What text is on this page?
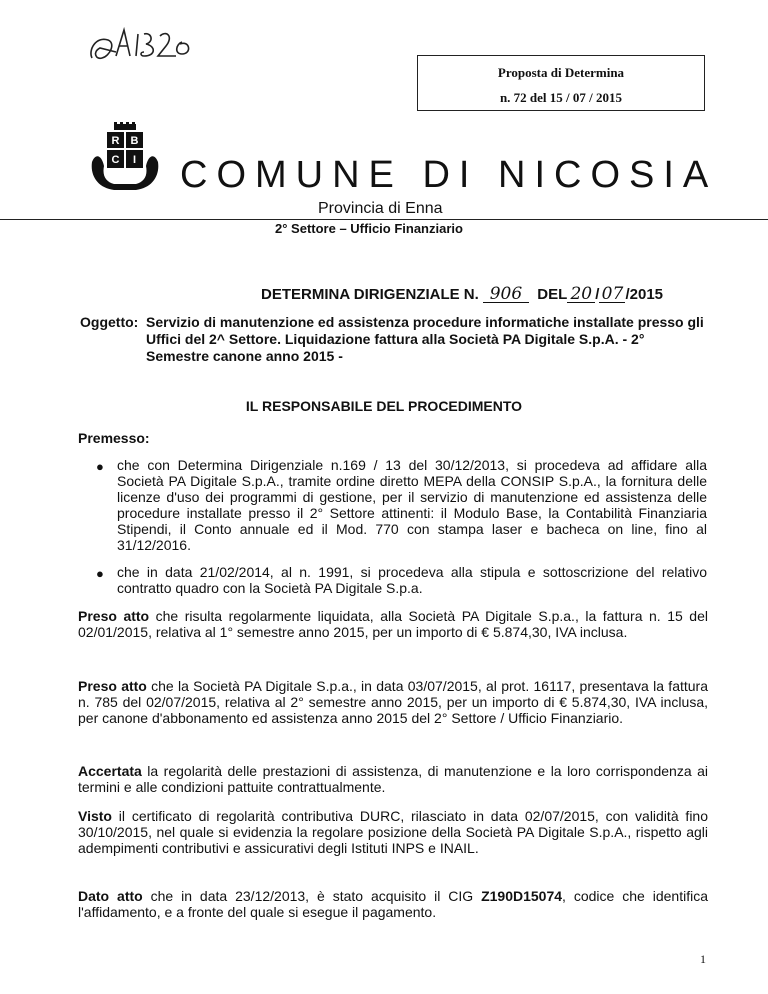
Proposta di Determina
n. 72 del 15 / 07 / 2015
R B
C I COMUNE DI NICOSIA
Provincia di Enna
2° Settore – Ufficio Finanziario
DETERMINA DIRIGENZIALE N. 906 DEL 20 / 07 /2015
Oggetto: Servizio di manutenzione ed assistenza procedure informatiche installate presso gli Uffici del 2^ Settore. Liquidazione fattura alla Società PA Digitale S.p.A. - 2° Semestre canone anno 2015 -
IL RESPONSABILE DEL PROCEDIMENTO
Premesso:
● che con Determina Dirigenziale n.169 / 13 del 30/12/2013, si procedeva ad affidare alla Società PA Digitale S.p.A., tramite ordine diretto MEPA della CONSIP S.p.A., la fornitura delle licenze d'uso dei programmi di gestione, per il servizio di manutenzione ed assistenza delle procedure installate presso il 2° Settore attinenti: il Modulo Base, la Contabilità Finanziaria Stipendi, il Conto annuale ed il Mod. 770 con stampa laser e bacheca on line, fino al 31/12/2016.
● che in data 21/02/2014, al n. 1991, si procedeva alla stipula e sottoscrizione del relativo contratto quadro con la Società PA Digitale S.p.a.
Preso atto che risulta regolarmente liquidata, alla Società PA Digitale S.p.a., la fattura n. 15 del 02/01/2015, relativa al 1° semestre anno 2015, per un importo di € 5.874,30, IVA inclusa.
Preso atto che la Società PA Digitale S.p.a., in data 03/07/2015, al prot. 16117, presentava la fattura n. 785 del 02/07/2015, relativa al 2° semestre anno 2015, per un importo di € 5.874,30, IVA inclusa, per canone d'abbonamento ed assistenza anno 2015 del 2° Settore / Ufficio Finanziario.
Accertata la regolarità delle prestazioni di assistenza, di manutenzione e la loro corrispondenza ai termini e alle condizioni pattuite contrattualmente.
Visto il certificato di regolarità contributiva DURC, rilasciato in data 02/07/2015, con validità fino 30/10/2015, nel quale si evidenzia la regolare posizione della Società PA Digitale S.p.A., rispetto agli adempimenti contributivi e assicurativi degli Istituti INPS e INAIL.
Dato atto che in data 23/12/2013, è stato acquisito il CIG Z190D15074, codice che identifica l'affidamento, e a fronte del quale si esegue il pagamento.
1
